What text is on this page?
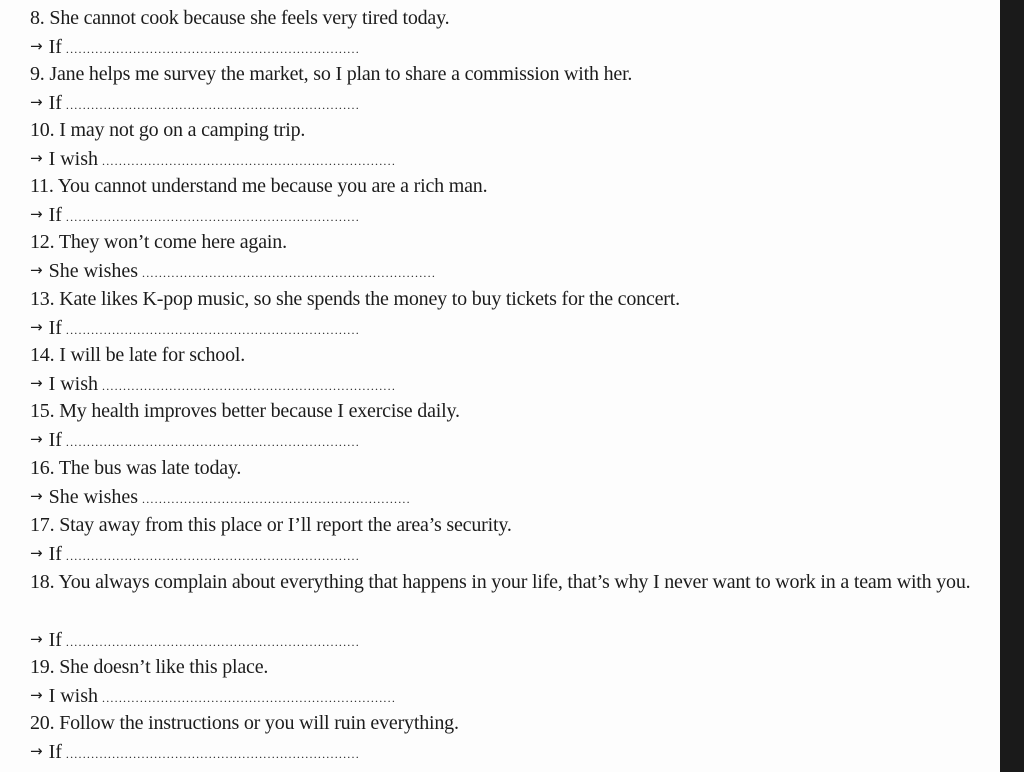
8. She cannot cook because she feels very tired today.
→ If ......................................................................
9. Jane helps me survey the market, so I plan to share a commission with her.
→ If ......................................................................
10. I may not go on a camping trip.
→ I wish ......................................................................
11. You cannot understand me because you are a rich man.
→ If ......................................................................
12. They won’t come here again.
→ She wishes ......................................................................
13. Kate likes K-pop music, so she spends the money to buy tickets for the concert.
→ If ......................................................................
14. I will be late for school.
→ I wish ......................................................................
15. My health improves better because I exercise daily.
→ If ......................................................................
16. The bus was late today.
→ She wishes ................................................................
17. Stay away from this place or I’ll report the area’s security.
→ If ......................................................................
18. You always complain about everything that happens in your life, that’s why I never want to work in a team with you.
→ If ......................................................................
19. She doesn’t like this place.
→ I wish ......................................................................
20. Follow the instructions or you will ruin everything.
→ If ......................................................................
